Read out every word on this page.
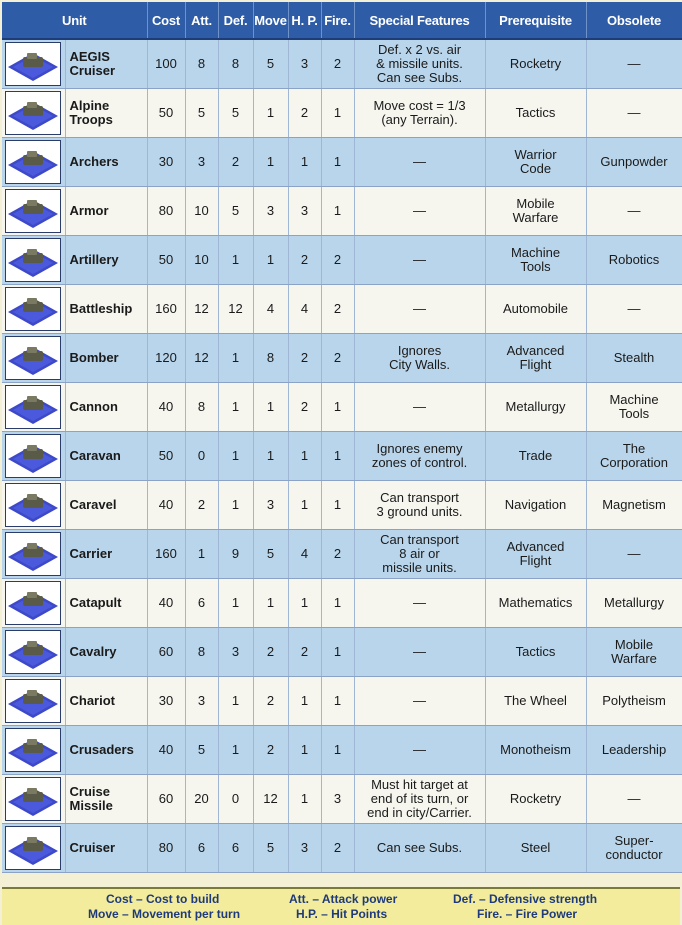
Unit		Cost	Att.	Def.	Move	H. P.	Fire.	Special Features	Prerequisite	Obsolete

	AEGIS
Cruiser	100	8	8	5	3	2	Def. x 2 vs. air
& missile units.
Can see Subs.	Rocketry	—

	Alpine
Troops	50	5	5	1	2	1	Move cost = 1/3
(any Terrain).	Tactics	—

	Archers	30	3	2	1	1	1	—	Warrior
Code	Gunpowder

	Armor	80	10	5	3	3	1	—	Mobile
Warfare	—

	Artillery	50	10	1	1	2	2	—	Machine
Tools	Robotics

	Battleship	160	12	12	4	4	2	—	Automobile	—

	Bomber	120	12	1	8	2	2	Ignores
City Walls.	Advanced
Flight	Stealth

	Cannon	40	8	1	1	2	1	—	Metallurgy	Machine
Tools

	Caravan	50	0	1	1	1	1	Ignores enemy
zones of control.	Trade	The
Corporation

	Caravel	40	2	1	3	1	1	Can transport
3 ground units.	Navigation	Magnetism

	Carrier	160	1	9	5	4	2	Can transport
8 air or
missile units.	Advanced
Flight	—

	Catapult	40	6	1	1	1	1	—	Mathematics	Metallurgy

	Cavalry	60	8	3	2	2	1	—	Tactics	Mobile
Warfare

	Chariot	30	3	1	2	1	1	—	The Wheel	Polytheism

	Crusaders	40	5	1	2	1	1	—	Monotheism	Leadership

	Cruise
Missile	60	20	0	12	1	3	Must hit target at
end of its turn, or
end in city/Carrier.	Rocketry	—

	Cruiser	80	6	6	5	3	2	Can see Subs.	Steel	Super-
conductor
Cost – Cost to build
Move – Movement per turn
Att. – Attack power
H.P. – Hit Points
Def. – Defensive strength
Fire. – Fire Power
